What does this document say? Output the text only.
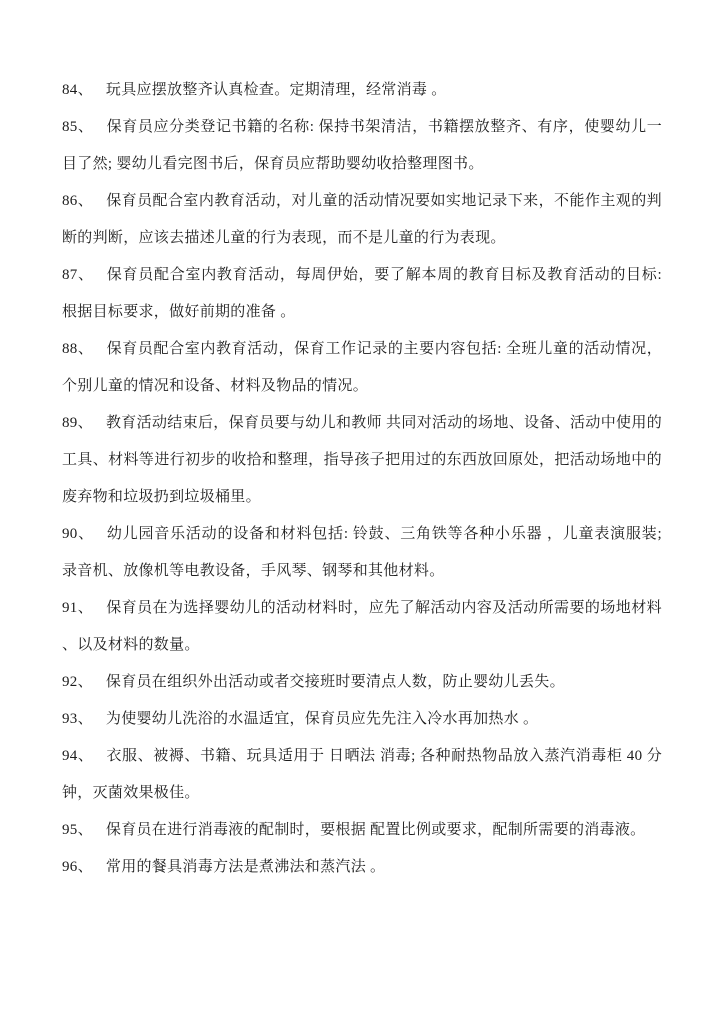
84、 玩具应摆放整齐认真检查。定期清理，经常消毒 。

85、 保育员应分类登记书籍的名称: 保持书架清洁，书籍摆放整齐、有序，使婴幼儿一目了然; 婴幼儿看完图书后，保育员应帮助婴幼收拾整理图书。

86、 保育员配合室内教育活动，对儿童的活动情况要如实地记录下来，不能作主观的判断的判断，应该去描述儿童的行为表现，而不是儿童的行为表现。

87、 保育员配合室内教育活动，每周伊始，要了解本周的教育目标及教育活动的目标: 根据目标要求，做好前期的准备 。

88、 保育员配合室内教育活动，保育工作记录的主要内容包括: 全班儿童的活动情况， 个别儿童的情况和设备、材料及物品的情况。

89、 教育活动结束后，保育员要与幼儿和教师 共同对活动的场地、设备、活动中使用的工具、材料等进行初步的收拾和整理，指导孩子把用过的东西放回原处，把活动场地中的废弃物和垃圾扔到垃圾桶里。

90、 幼儿园音乐活动的设备和材料包括: 铃鼓、三角铁等各种小乐器 ，儿童表演服装; 录音机、放像机等电教设备，手风琴、钢琴和其他材料。

91、 保育员在为选择婴幼儿的活动材料时，应先了解活动内容及活动所需要的场地材料 、以及材料的数量。

92、 保育员在组织外出活动或者交接班时要清点人数，防止婴幼儿丢失。

93、 为使婴幼儿洗浴的水温适宜，保育员应先先注入冷水再加热水 。

94、 衣服、被褥、书籍、玩具适用于 日晒法 消毒; 各种耐热物品放入蒸汽消毒柜 40 分钟，灭菌效果极佳。

95、 保育员在进行消毒液的配制时，要根据 配置比例或要求，配制所需要的消毒液。

96、 常用的餐具消毒方法是煮沸法和蒸汽法 。
